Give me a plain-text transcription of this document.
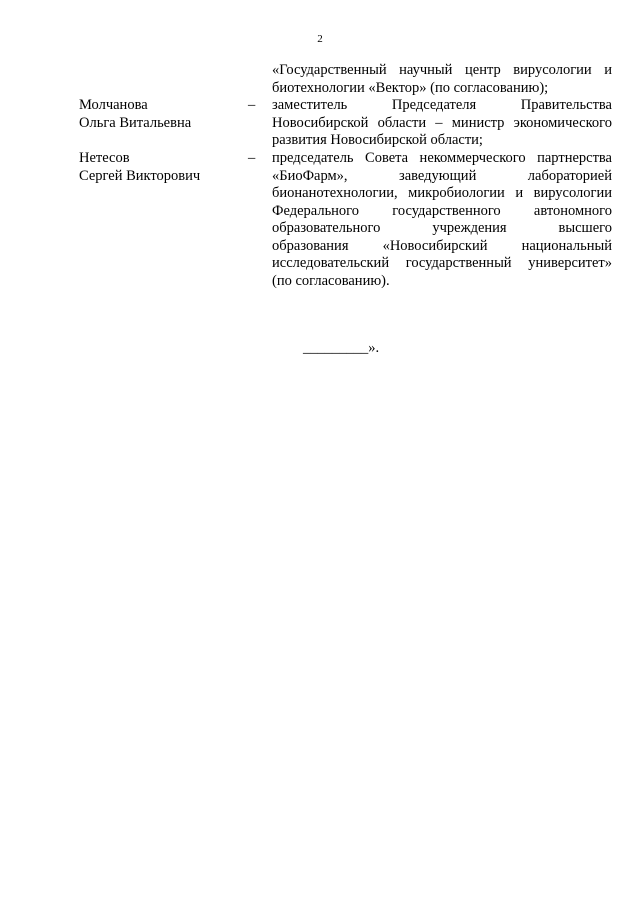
2
«Государственный научный центр вирусологии и
биотехнологии «Вектор» (по согласованию);
Молчанова
Ольга Витальевна
– заместитель Председателя Правительства
Новосибирской области – министр экономического
развития Новосибирской области;
Нетесов
Сергей Викторович
– председатель Совета некоммерческого партнерства
«БиоФарм», заведующий лабораторией
бионанотехнологии, микробиологии и вирусологии
Федерального государственного автономного
образовательного учреждения высшего
образования «Новосибирский национальный
исследовательский государственный университет»
(по согласованию).
_________».
